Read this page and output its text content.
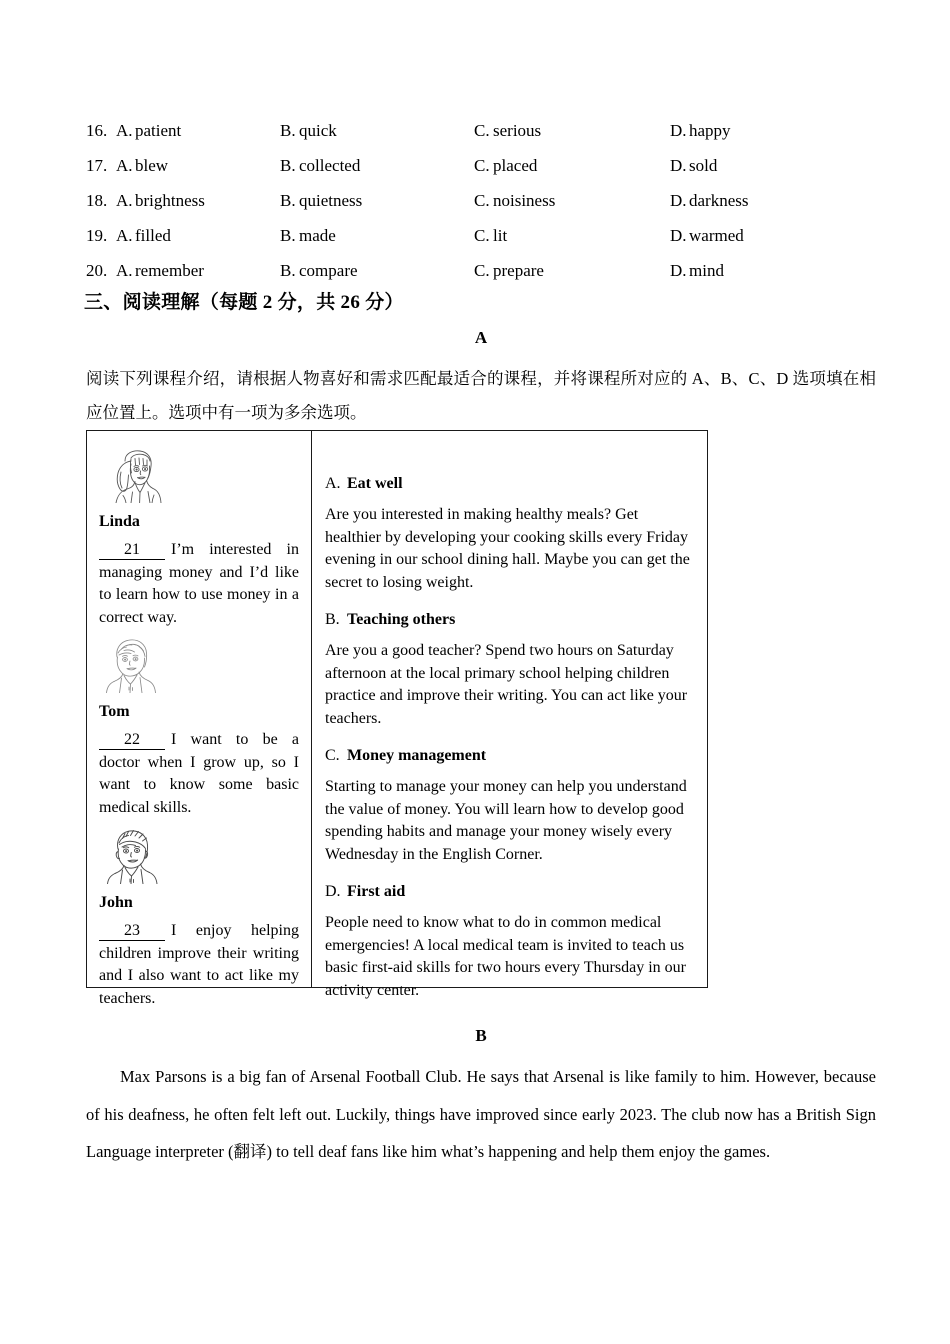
16. A. patient	B. quick	C. serious	D. happy
17. A. blew	B. collected	C. placed	D. sold
18. A. brightness	B. quietness	C. noisiness	D. darkness
19. A. filled	B. made	C. lit	D. warmed
20. A. remember	B. compare	C. prepare	D. mind
三、阅读理解（每题 2 分，共 26 分）
A
阅读下列课程介绍，请根据人物喜好和需求匹配最适合的课程，并将课程所对应的 A、B、C、D 选项填在相应位置上。选项中有一项为多余选项。
Linda

21 I’m interested in managing money and I’d like to learn how to use money in a correct way.

Tom

22 I want to be a doctor when I grow up, so I want to know some basic medical skills.

John

23 I enjoy helping children improve their writing and I also want to act like my teachers.

A. Eat well

Are you interested in making healthy meals? Get healthier by developing your cooking skills every Friday evening in our school dining hall. Maybe you can get the secret to losing weight.

B. Teaching others

Are you a good teacher? Spend two hours on Saturday afternoon at the local primary school helping children practice and improve their writing. You can act like your teachers.

C. Money management

Starting to manage your money can help you understand the value of money. You will learn how to develop good spending habits and manage your money wisely every Wednesday in the English Corner.

D. First aid

People need to know what to do in common medical emergencies! A local medical team is invited to teach us basic first-aid skills for two hours every Thursday in our activity center.

B
Max Parsons is a big fan of Arsenal Football Club. He says that Arsenal is like family to him. However, because of his deafness, he often felt left out. Luckily, things have improved since early 2023. The club now has a British Sign Language interpreter (翻译) to tell deaf fans like him what’s happening and help them enjoy the games.
